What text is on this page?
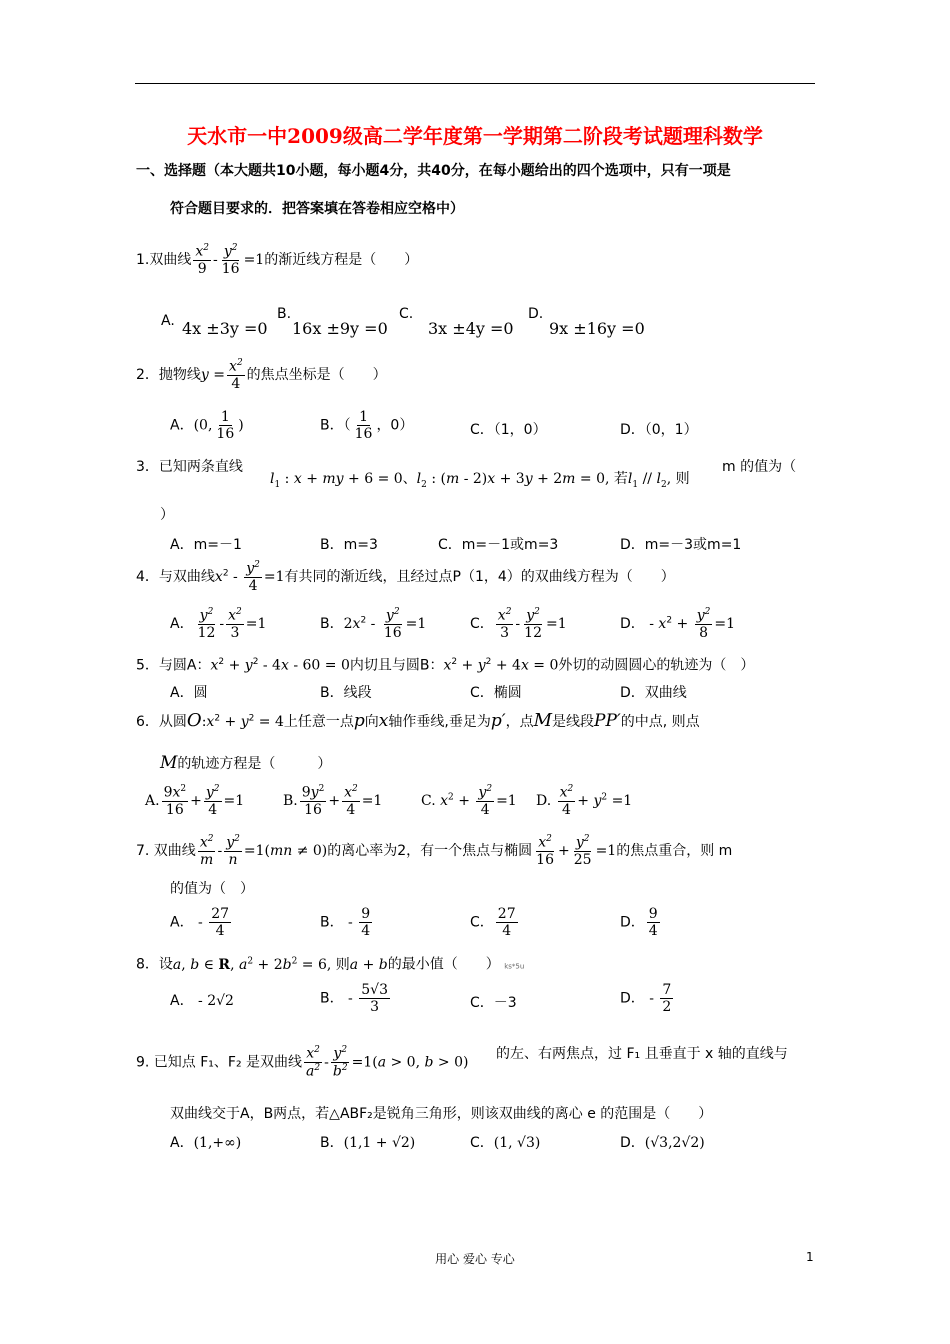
天水市一中2009级高二学年度第一学期第二阶段考试题理科数学
一、选择题（本大题共10小题，每小题4分，共40分，在每小题给出的四个选项中，只有一项是
符合题目要求的．把答案填在答卷相应空格中）
1.双曲线 $\frac{x^2}{9} - \frac{y^2}{16} =1$的渐近线方程是（　　）
A. 4x ±3y =0
B.
16x ±9y =0
C.
3x ±4y =0
D.
9x ±16y =0
2．抛物线$y = \frac{x^2}{4}$ 的焦点坐标是（　　）
A．(0, $\frac{1}{16}$ )	B．（ $\frac{1}{16}$ ，0）	C．（1，0）	D．（0，1）
3．已知两条直线
$l_1$ : x + my + 6 = 0、$l_2$ : (m - 2)x + 3y + 2m = 0, 若$l_1 // l_2$, 则
m 的值为（
）
A．m=－1	B．m=3	C．m=－1或m=3	D．m=－3或m=1
4．与双曲线$x^2 - \frac{y^2}{4} =1$有共同的渐近线，且经过点P（1，4）的双曲线方程为（　　）
A． $\frac{y^2}{12} - \frac{x^2}{3} =1$	B．$2x^2 - \frac{y^2}{16} =1$	C． $\frac{x^2}{3} - \frac{y^2}{12} =1$	D． - $x^2 + \frac{y^2}{8} =1$
5．与圆A：$x^2 + y^2 - 4x - 60 = 0$内切且与圆B：$x^2 + y^2 + 4x = 0$外切的动圆圆心的轨迹为（　）
A．圆	B．线段	C．椭圆	D．双曲线
6．从圆$O:x^2 + y^2 = 4$上任意一点p向x轴作垂线,垂足为p′，点M是线段PP′的中点, 则点
M的轨迹方程是（　　　）
A. $\frac{9x^2}{16} + \frac{y^2}{4} =1$	B. $\frac{9y^2}{16} + \frac{x^2}{4} =1$	C. $x^2 + \frac{y^2}{4} =1$ D. $\frac{x^2}{4} + y^2 =1$
7. 双曲线 $\frac{x^2}{m} - \frac{y^2}{n} =1(mn \ne 0)$的离心率为2，有一个焦点与椭圆 $\frac{x^2}{16} + \frac{y^2}{25} =1$的焦点重合，则 m
的值为（　）
A． - $\frac{27}{4}$	B． - $\frac{9}{4}$	C． $\frac{27}{4}$	D． $\frac{9}{4}$
8．设a, b ∈ R, $a^2 + 2b^2 = 6$, 则a + b的最小值（　　） ks*5u
A． - 2√2	B． - $\frac{5√3}{3}$	C．－3	D． - $\frac{7}{2}$
9. 已知点 F₁、F₂ 是双曲线 $\frac{x^2}{a^2} - \frac{y^2}{b^2} =1(a > 0$, b > 0)
的左、右两焦点，过 F₁ 且垂直于 x 轴的直线与
双曲线交于A，B两点，若△ABF₂是锐角三角形，则该双曲线的离心 e 的范围是（　　）
A．(1,+∞)	B．(1,1 + √2)	C．(1, √3)	D．(√3,2√2)
用心 爱心 专心	1
